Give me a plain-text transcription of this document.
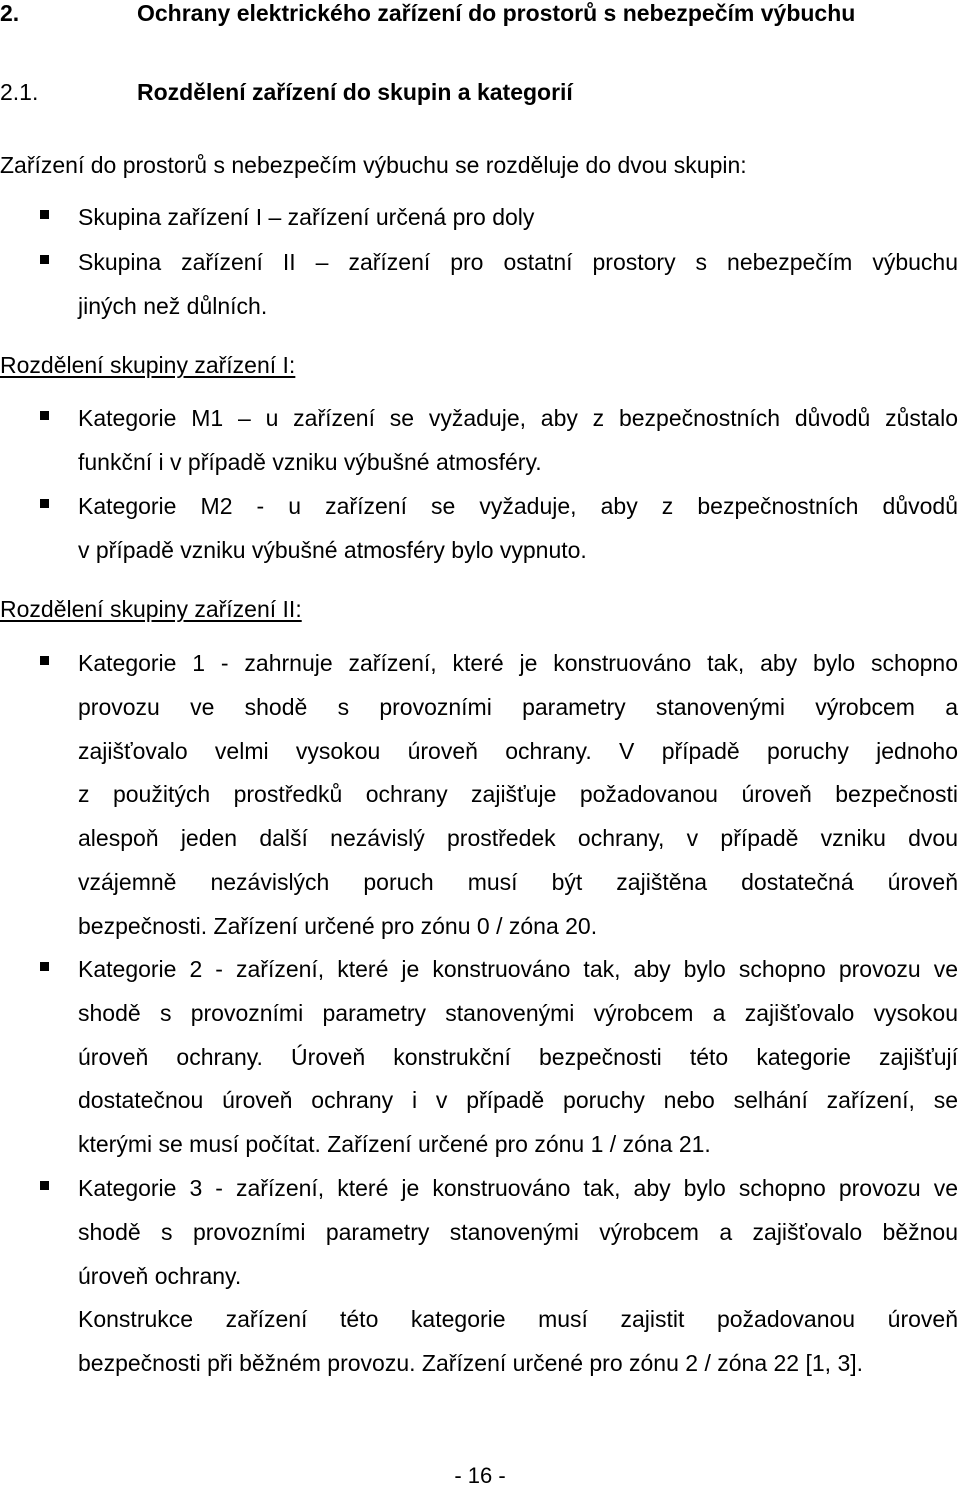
2.	Ochrany elektrického zařízení do prostorů s nebezpečím výbuchu
2.1.	Rozdělení zařízení do skupin a kategorií
Zařízení do prostorů s nebezpečím výbuchu se rozděluje do dvou skupin:
Skupina zařízení I – zařízení určená pro doly
Skupina zařízení II – zařízení pro ostatní prostory s nebezpečím výbuchu
jiných než důlních.
Rozdělení skupiny zařízení I:
Kategorie M1 – u zařízení se vyžaduje, aby z bezpečnostních důvodů zůstalo
funkční i v případě vzniku výbušné atmosféry.
Kategorie M2 - u zařízení se vyžaduje, aby z bezpečnostních důvodů
v případě vzniku výbušné atmosféry bylo vypnuto.
Rozdělení skupiny zařízení II:
Kategorie 1 - zahrnuje zařízení, které je konstruováno tak, aby bylo schopno
provozu ve shodě s provozními parametry stanovenými výrobcem a
zajišťovalo velmi vysokou úroveň ochrany. V případě poruchy jednoho
z použitých prostředků ochrany zajišťuje požadovanou úroveň bezpečnosti
alespoň jeden další nezávislý prostředek ochrany, v případě vzniku dvou
vzájemně nezávislých poruch musí být zajištěna dostatečná úroveň
bezpečnosti. Zařízení určené pro zónu 0 / zóna 20.
Kategorie 2 - zařízení, které je konstruováno tak, aby bylo schopno provozu ve
shodě s provozními parametry stanovenými výrobcem a zajišťovalo vysokou
úroveň ochrany. Úroveň konstrukční bezpečnosti této kategorie zajišťují
dostatečnou úroveň ochrany i v případě poruchy nebo selhání zařízení, se
kterými se musí počítat. Zařízení určené pro zónu 1 / zóna 21.
Kategorie 3 - zařízení, které je konstruováno tak, aby bylo schopno provozu ve
shodě s provozními parametry stanovenými výrobcem a zajišťovalo běžnou
úroveň ochrany.
Konstrukce zařízení této kategorie musí zajistit požadovanou úroveň
bezpečnosti při běžném provozu. Zařízení určené pro zónu 2 / zóna 22 [1, 3].
- 16 -
